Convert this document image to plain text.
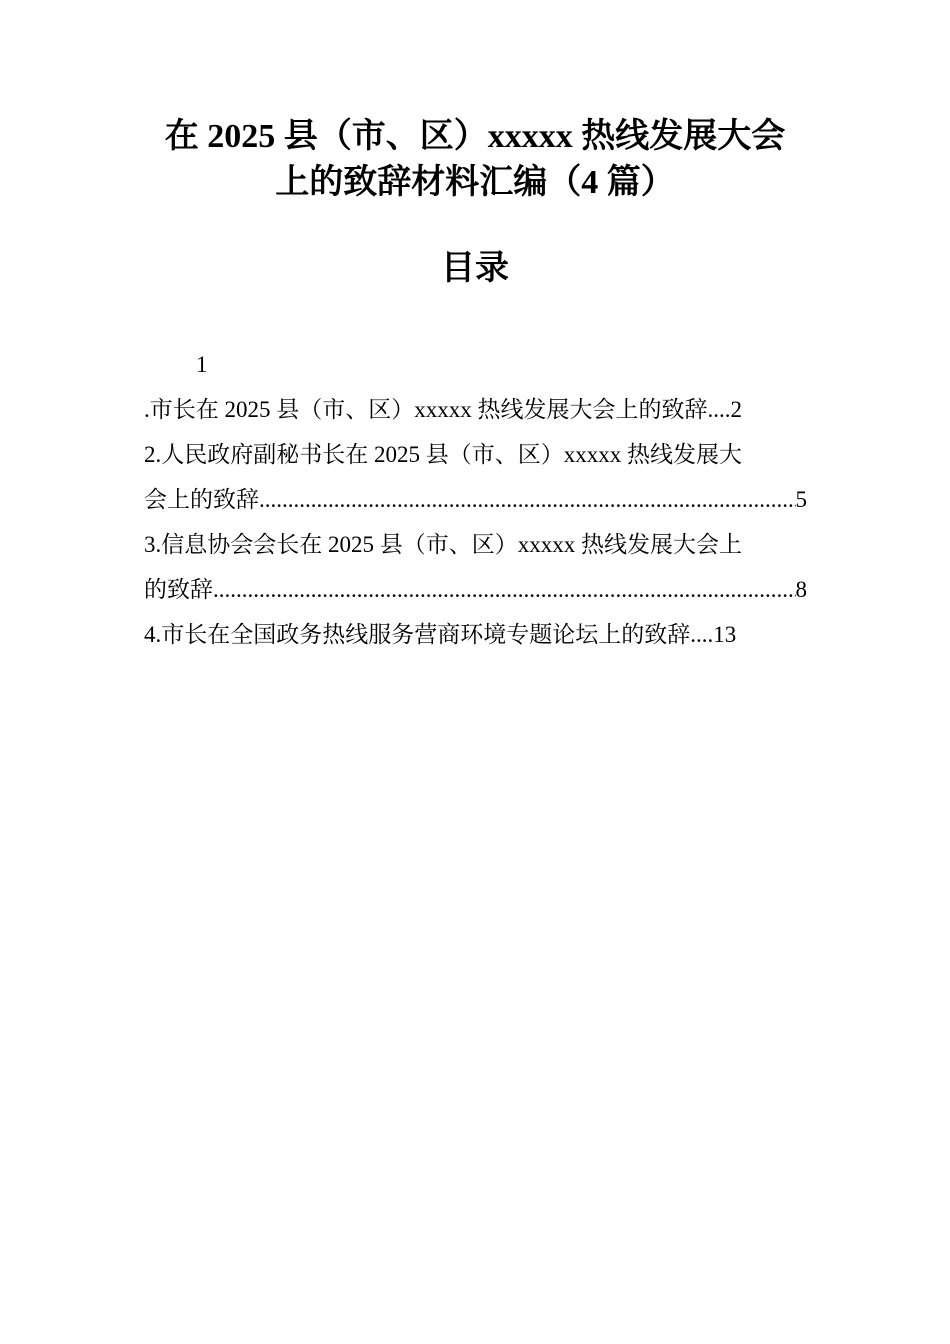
在 2025 县（市、区）xxxxx 热线发展大会
上的致辞材料汇编（4 篇）
目录
1
.市长在 2025 县（市、区）xxxxx 热线发展大会上的致辞 .... 2
2.人民政府副秘书长在 2025 县（市、区）xxxxx 热线发展大
会上的致辞 .....	5
3.信息协会会长在 2025 县（市、区）xxxxx 热线发展大会上
的致辞 .....	8
4.市长在全国政务热线服务营商环境专题论坛上的致辞 .... 13
